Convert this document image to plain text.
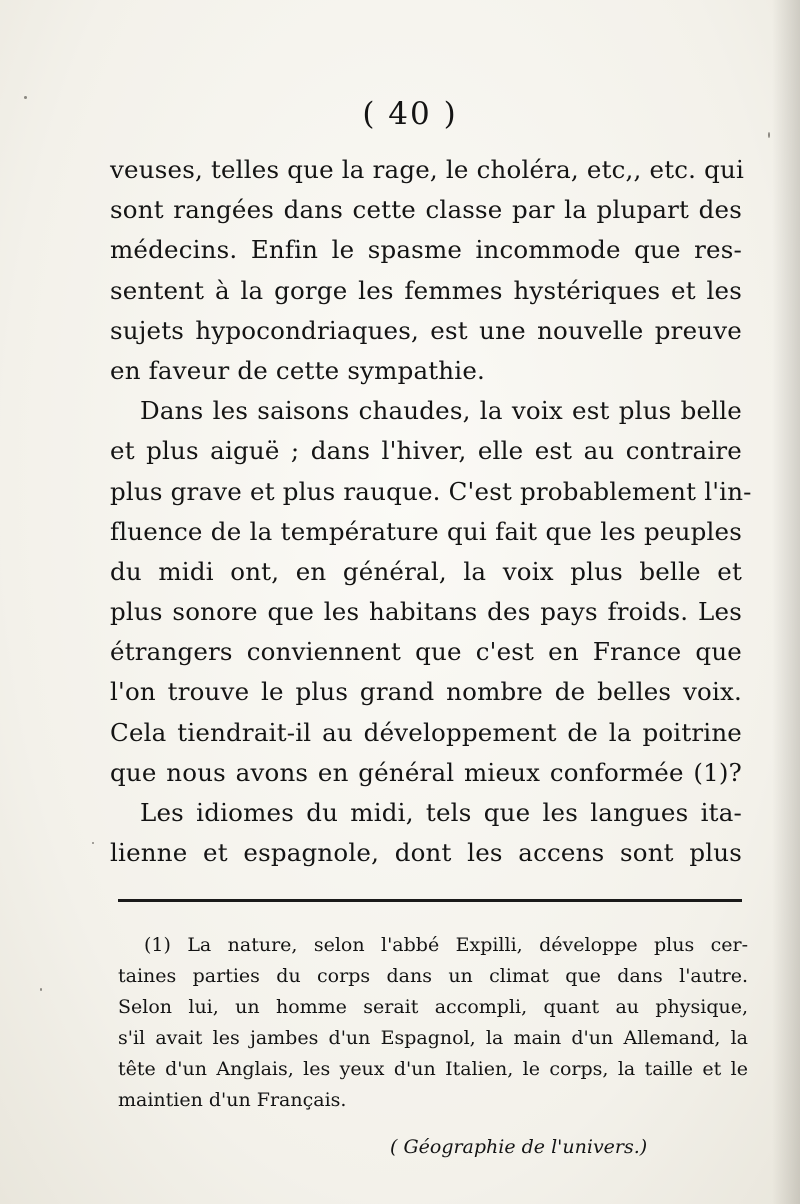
( 40 )
veuses, telles que la rage, le choléra, etc,, etc. qui
sont rangées dans cette classe par la plupart des
médecins. Enfin le spasme incommode que res-
sentent à la gorge les femmes hystériques et les
sujets hypocondriaques, est une nouvelle preuve
en faveur de cette sympathie.
Dans les saisons chaudes, la voix est plus belle
et plus aiguë ; dans l'hiver, elle est au contraire
plus grave et plus rauque. C'est probablement l'in-
fluence de la température qui fait que les peuples
du midi ont, en général, la voix plus belle et
plus sonore que les habitans des pays froids. Les
étrangers conviennent que c'est en France que
l'on trouve le plus grand nombre de belles voix.
Cela tiendrait-il au développement de la poitrine
que nous avons en général mieux conformée (1)?
Les idiomes du midi, tels que les langues ita-
lienne et espagnole, dont les accens sont plus
(1) La nature, selon l'abbé Expilli, développe plus cer-
taines parties du corps dans un climat que dans l'autre.
Selon lui, un homme serait accompli, quant au physique,
s'il avait les jambes d'un Espagnol, la main d'un Allemand, la
tête d'un Anglais, les yeux d'un Italien, le corps, la taille et le
maintien d'un Français.
( Géographie de l'univers.)
